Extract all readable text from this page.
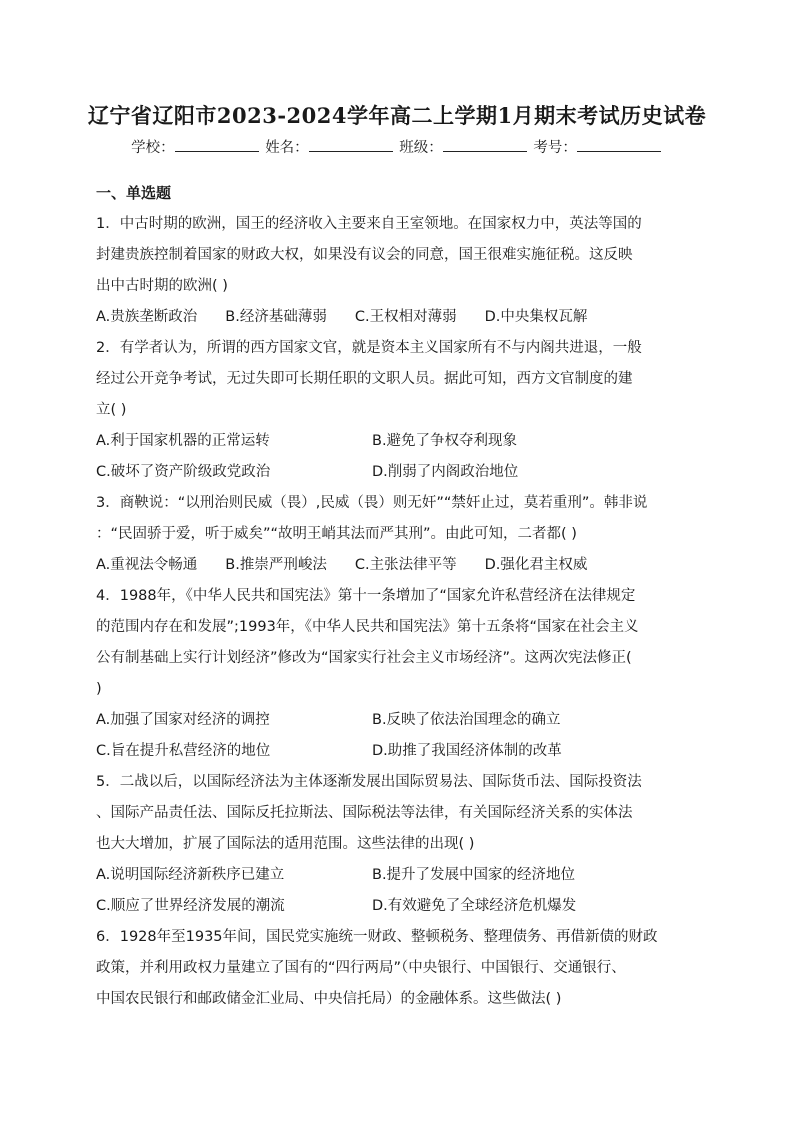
辽宁省辽阳市2023-2024学年高二上学期1月期末考试历史试卷
学校：	姓名：	班级：	考号：
一、单选题
1．中古时期的欧洲，国王的经济收入主要来自王室领地。在国家权力中，英法等国的
封建贵族控制着国家的财政大权，如果没有议会的同意，国王很难实施征税。这反映
出中古时期的欧洲( )
A.贵族垄断政治 B.经济基础薄弱 C.王权相对薄弱 D.中央集权瓦解
2．有学者认为，所谓的西方国家文官，就是资本主义国家所有不与内阁共进退，一般
经过公开竞争考试，无过失即可长期任职的文职人员。据此可知，西方文官制度的建
立( )
A.利于国家机器的正常运转	B.避免了争权夺利现象
C.破坏了资产阶级政党政治	D.削弱了内阁政治地位
3．商鞅说：“以刑治则民威（畏）,民威（畏）则无奸”“禁奸止过，莫若重刑”。韩非说
：“民固骄于爱，听于威矣”“故明王峭其法而严其刑”。由此可知，二者都( )
A.重视法令畅通 B.推崇严刑峻法 C.主张法律平等 D.强化君主权威
4．1988年，《中华人民共和国宪法》第十一条增加了“国家允许私营经济在法律规定
的范围内存在和发展”;1993年，《中华人民共和国宪法》第十五条将“国家在社会主义
公有制基础上实行计划经济”修改为“国家实行社会主义市场经济”。这两次宪法修正(
)
A.加强了国家对经济的调控	B.反映了依法治国理念的确立
C.旨在提升私营经济的地位	D.助推了我国经济体制的改革
5．二战以后，以国际经济法为主体逐渐发展出国际贸易法、国际货币法、国际投资法
、国际产品责任法、国际反托拉斯法、国际税法等法律，有关国际经济关系的实体法
也大大增加，扩展了国际法的适用范围。这些法律的出现( )
A.说明国际经济新秩序已建立	B.提升了发展中国家的经济地位
C.顺应了世界经济发展的潮流	D.有效避免了全球经济危机爆发
6．1928年至1935年间，国民党实施统一财政、整顿税务、整理债务、再借新债的财政
政策，并利用政权力量建立了国有的“四行两局”（中央银行、中国银行、交通银行、
中国农民银行和邮政储金汇业局、中央信托局）的金融体系。这些做法( )
